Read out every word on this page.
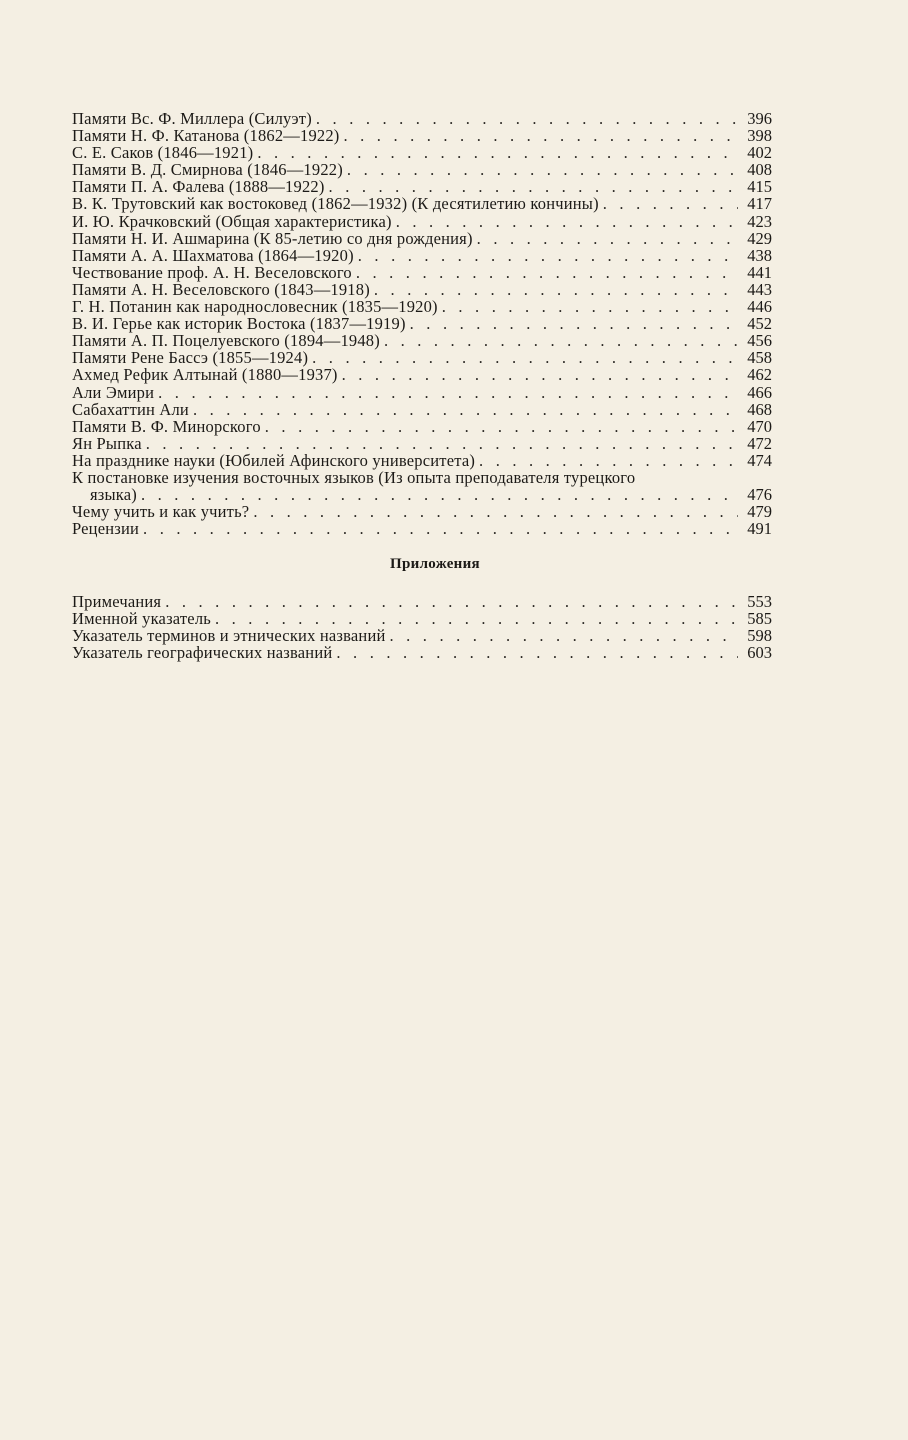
Памяти Вс. Ф. Миллера (Силуэт) . . .	396
Памяти Н. Ф. Катанова (1862—1922) . . .	398
С. Е. Саков (1846—1921) . . .	402
Памяти В. Д. Смирнова (1846—1922) . . .	408
Памяти П. А. Фалева (1888—1922) . . .	415
В. К. Трутовский как востоковед (1862—1932) (К десятилетию кончины) . . .	417
И. Ю. Крачковский (Общая характеристика) . . .	423
Памяти Н. И. Ашмарина (К 85-летию со дня рождения) . . .	429
Памяти А. А. Шахматова (1864—1920) . . .	438
Чествование проф. А. Н. Веселовского . . .	441
Памяти А. Н. Веселовского (1843—1918) . . .	443
Г. Н. Потанин как народнословесник (1835—1920) . . .	446
В. И. Герье как историк Востока (1837—1919) . . .	452
Памяти А. П. Поцелуевского (1894—1948) . . .	456
Памяти Рене Бассэ (1855—1924) . . .	458
Ахмед Рефик Алтынай (1880—1937) . . .	462
Али Эмири . . .	466
Сабахаттин Али . . .	468
Памяти В. Ф. Минорского . . .	470
Ян Рыпка . . .	472
На празднике науки (Юбилей Афинского университета) . . .	474
К постановке изучения восточных языков (Из опыта преподавателя турецкого
языка) . . .	476
Чему учить и как учить? . . .	479
Рецензии . . .	491
Приложения
Примечания . . .	553
Именной указатель . . .	585
Указатель терминов и этнических названий . . .	598
Указатель географических названий . . .	603
